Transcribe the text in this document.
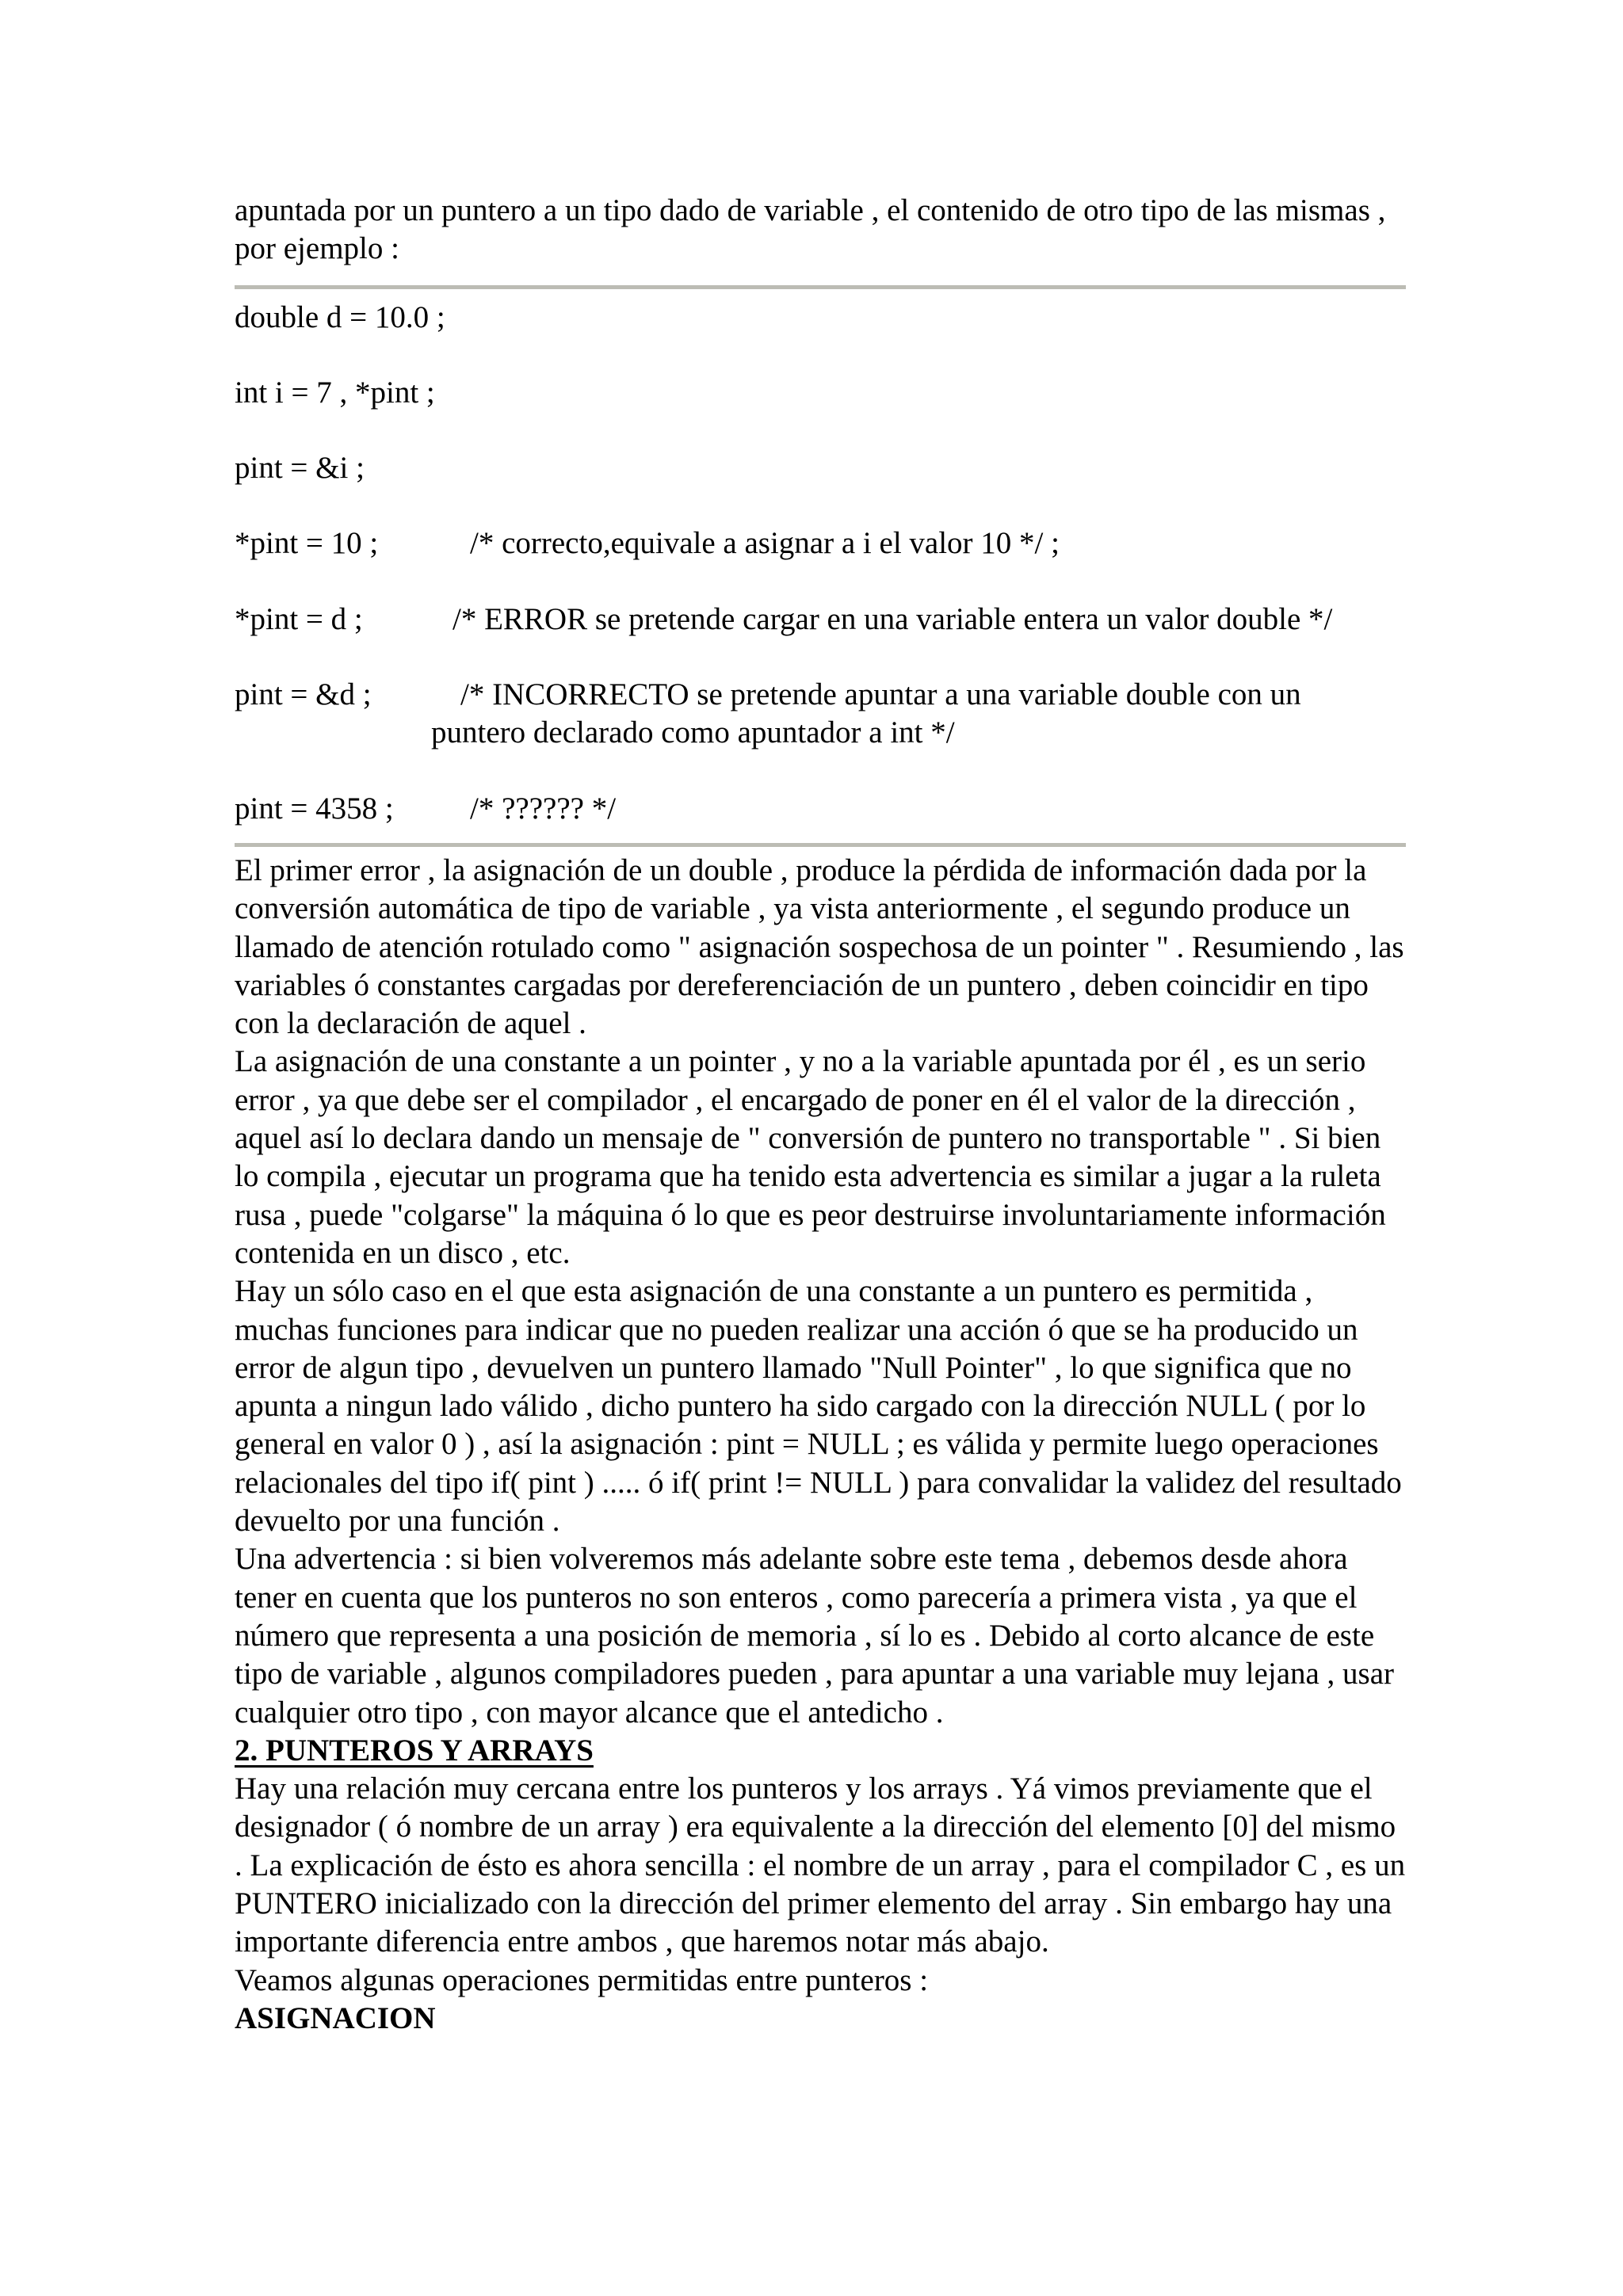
apuntada por un puntero a un tipo dado de variable , el contenido de otro tipo de las mismas , por ejemplo :

double d = 10.0 ;
int i = 7 , *pint ;
pint = &i ;
*pint = 10 ;	/* correcto,equivale a asignar a i el valor 10 */ ;
*pint = d ;	/* ERROR se pretende cargar en una variable entera un valor double */
pint = &d ;	/* INCORRECTO se pretende apuntar a una variable double con un puntero declarado como apuntador a int */
pint = 4358 ;	/* ?????? */

El primer error , la asignación de un double , produce la pérdida de información dada por la conversión automática de tipo de variable , ya vista anteriormente , el segundo produce un llamado de atención rotulado como " asignación sospechosa de un pointer " . Resumiendo , las variables ó constantes cargadas por dereferenciación de un puntero , deben coincidir en tipo con la declaración de aquel .

La asignación de una constante a un pointer , y no a la variable apuntada por él , es un serio error , ya que debe ser el compilador , el encargado de poner en él el valor de la dirección , aquel así lo declara dando un mensaje de " conversión de puntero no transportable " . Si bien lo compila , ejecutar un programa que ha tenido esta advertencia es similar a jugar a la ruleta rusa , puede "colgarse" la máquina ó lo que es peor destruirse involuntariamente información contenida en un disco , etc.

Hay un sólo caso en el que esta asignación de una constante a un puntero es permitida , muchas funciones para indicar que no pueden realizar una acción ó que se ha producido un error de algun tipo , devuelven un puntero llamado "Null Pointer" , lo que significa que no apunta a ningun lado válido , dicho puntero ha sido cargado con la dirección NULL ( por lo general en valor 0 ) , así la asignación : pint = NULL ; es válida y permite luego operaciones relacionales del tipo if( pint ) ..... ó if( print != NULL ) para convalidar la validez del resultado devuelto por una función .

Una advertencia : si bien volveremos más adelante sobre este tema , debemos desde ahora tener en cuenta que los punteros no son enteros , como parecería a primera vista , ya que el número que representa a una posición de memoria , sí lo es . Debido al corto alcance de este tipo de variable , algunos compiladores pueden , para apuntar a una variable muy lejana , usar cualquier otro tipo , con mayor alcance que el antedicho .

2. PUNTEROS Y ARRAYS

Hay una relación muy cercana entre los punteros y los arrays . Yá vimos previamente que el designador ( ó nombre de un array ) era equivalente a la dirección del elemento [0] del mismo . La explicación de ésto es ahora sencilla : el nombre de un array , para el compilador C , es un PUNTERO inicializado con la dirección del primer elemento del array . Sin embargo hay una importante diferencia entre ambos , que haremos notar más abajo.

Veamos algunas operaciones permitidas entre punteros :

ASIGNACION
